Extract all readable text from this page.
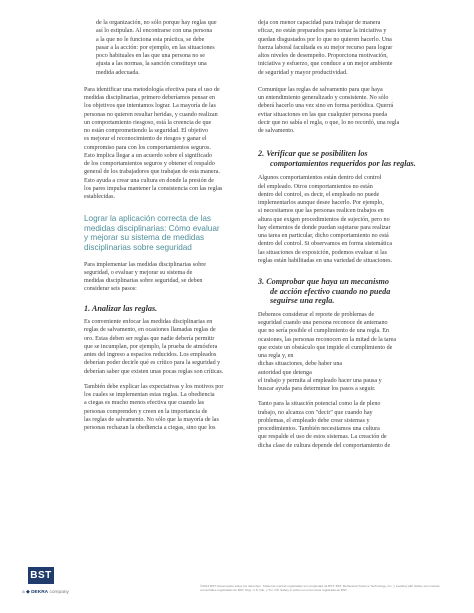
de la organización, no sólo porque hay reglas que

así lo estipulan. Al encontrarse con una persona

a la que no le funciona esta práctica, se debe

pasar a la acción: por ejemplo, en las situaciones

poco habituales en las que una persona no se

ajusta a las normas, la sanción constituye una

medida adecuada.

Para identificar una metodología efectiva para el uso de

medidas disciplinarias, primero deberíamos pensar en

los objetivos que intentamos lograr. La mayoría de las

personas no quieren resultar heridas, y cuando realizan

un comportamiento riesgoso, está la creencia de que

no están comprometiendo la seguridad. El objetivo

es mejorar el reconocimiento de riesgos y ganar el

compromiso para con los comportamientos seguros.

Esto implica llegar a un acuerdo sobre el significado

de los comportamientos seguros y obtener el respaldo

general de los trabajadores que trabajan de esta manera.

Esto ayuda a crear una cultura en donde la presión de

los pares impulsa mantener la consistencia con las reglas

establecidas.

Lograr la aplicación correcta de las

medidas disciplinarias: Cómo evaluar

y mejorar su sistema de medidas

disciplinarias sobre seguridad

Para implementar las medidas disciplinarias sobre

seguridad, o evaluar y mejorar su sistema de

medidas disciplinarias sobre seguridad, se deben

considerar seis pasos:

1. Analizar las reglas.

Es conveniente enfocar las medidas disciplinarias en

reglas de salvamento, en ocasiones llamadas reglas de

oro. Estas deben ser reglas que nadie debería permitir

que se incumplan, por ejemplo, la prueba de atmósfera

antes del ingreso a espacios reducidos. Los empleados

deberían poder decirle qué es crítico para la seguridad y

deberían saber que existen unas pocas reglas son críticas.

También debe explicar las expectativas y los motivos por

los cuales se implementan estas reglas. La obediencia

a ciegas es mucho menos efectiva que cuando las

personas comprenden y creen en la importancia de

las reglas de salvamento. No sólo que la mayoría de las

personas rechazan la obediencia a ciegas, sino que los

deja con menor capacidad para trabajar de manera

eficaz, no están preparados para tomar la iniciativa y

quedan disgustados por lo que no quieren hacerlo. Una

fuerza laboral facultada es su mejor recurso para lograr

altos niveles de desempeño. Proporciona motivación,

iniciativa y esfuerzo, que conduce a un mejor ambiente

de seguridad y mayor productividad.

Comunique las reglas de salvamento para que haya

un entendimiento generalizado y consistente. No sólo

deberá hacerlo una vez sino en forma periódica. Querrá

evitar situaciones en las que cualquier persona pueda

decir que no sabía el regla, o que, lo no recordó, una regla

de salvamento.

2. Verificar que se posibiliten los

comportamientos requeridos por las reglas.

Algunos comportamientos están dentro del control

del empleado. Otros comportamientos no están

dentro del control, es decir, el empleado no puede

implementarlos aunque desee hacerlo. Por ejemplo,

si necesitamos que las personas realicen trabajos en

altura que exigen procedimientos de sujeción, pero no

hay elementos de donde puedan sujetarse para realizar

una tarea en particular, dicho comportamiento no está

dentro del control. Si observamos en forma sistemática

las situaciones de exposición, podemos evaluar si las

reglas están habilitadas en una variedad de situaciones.

3. Comprobar que haya un mecanismo

de acción efectivo cuando no pueda

seguirse una regla.

Debemos considerar el reporte de problemas de

seguridad cuando una persona reconoce de antemano

que no sería posible el cumplimiento de una regla. En

ocasiones, las personas reconocen en la mitad de la tarea

que existe un obstáculo que impide el cumplimiento de

una regla y, en

dichas situaciones, debe haber una

autoridad que detenga

el trabajo y permita al empleado hacer una pausa y

buscar ayuda para determinar los pasos a seguir.

Tanto para la situación potencial como la de pleno

trabajo, no alcanza con "decir" que cuando hay

problemas, el empleado debe crear sistemas y

procedimientos. También necesitamos una cultura

que respalde el uso de estos sistemas. La creación de

dicha clase de cultura depende del comportamiento de

BST
a ◆ DEKRA company
©2014 BST. Reservados todos los derechos. Todas las marcas registradas son propiedad de BST. BST, Behavioral Science Technology, Inc. y Leading with Safety son marcas comerciales registradas de BST, Reg. U.S. Pat. y Tm. Off. Safety in Action es una marca registrada de BST.
